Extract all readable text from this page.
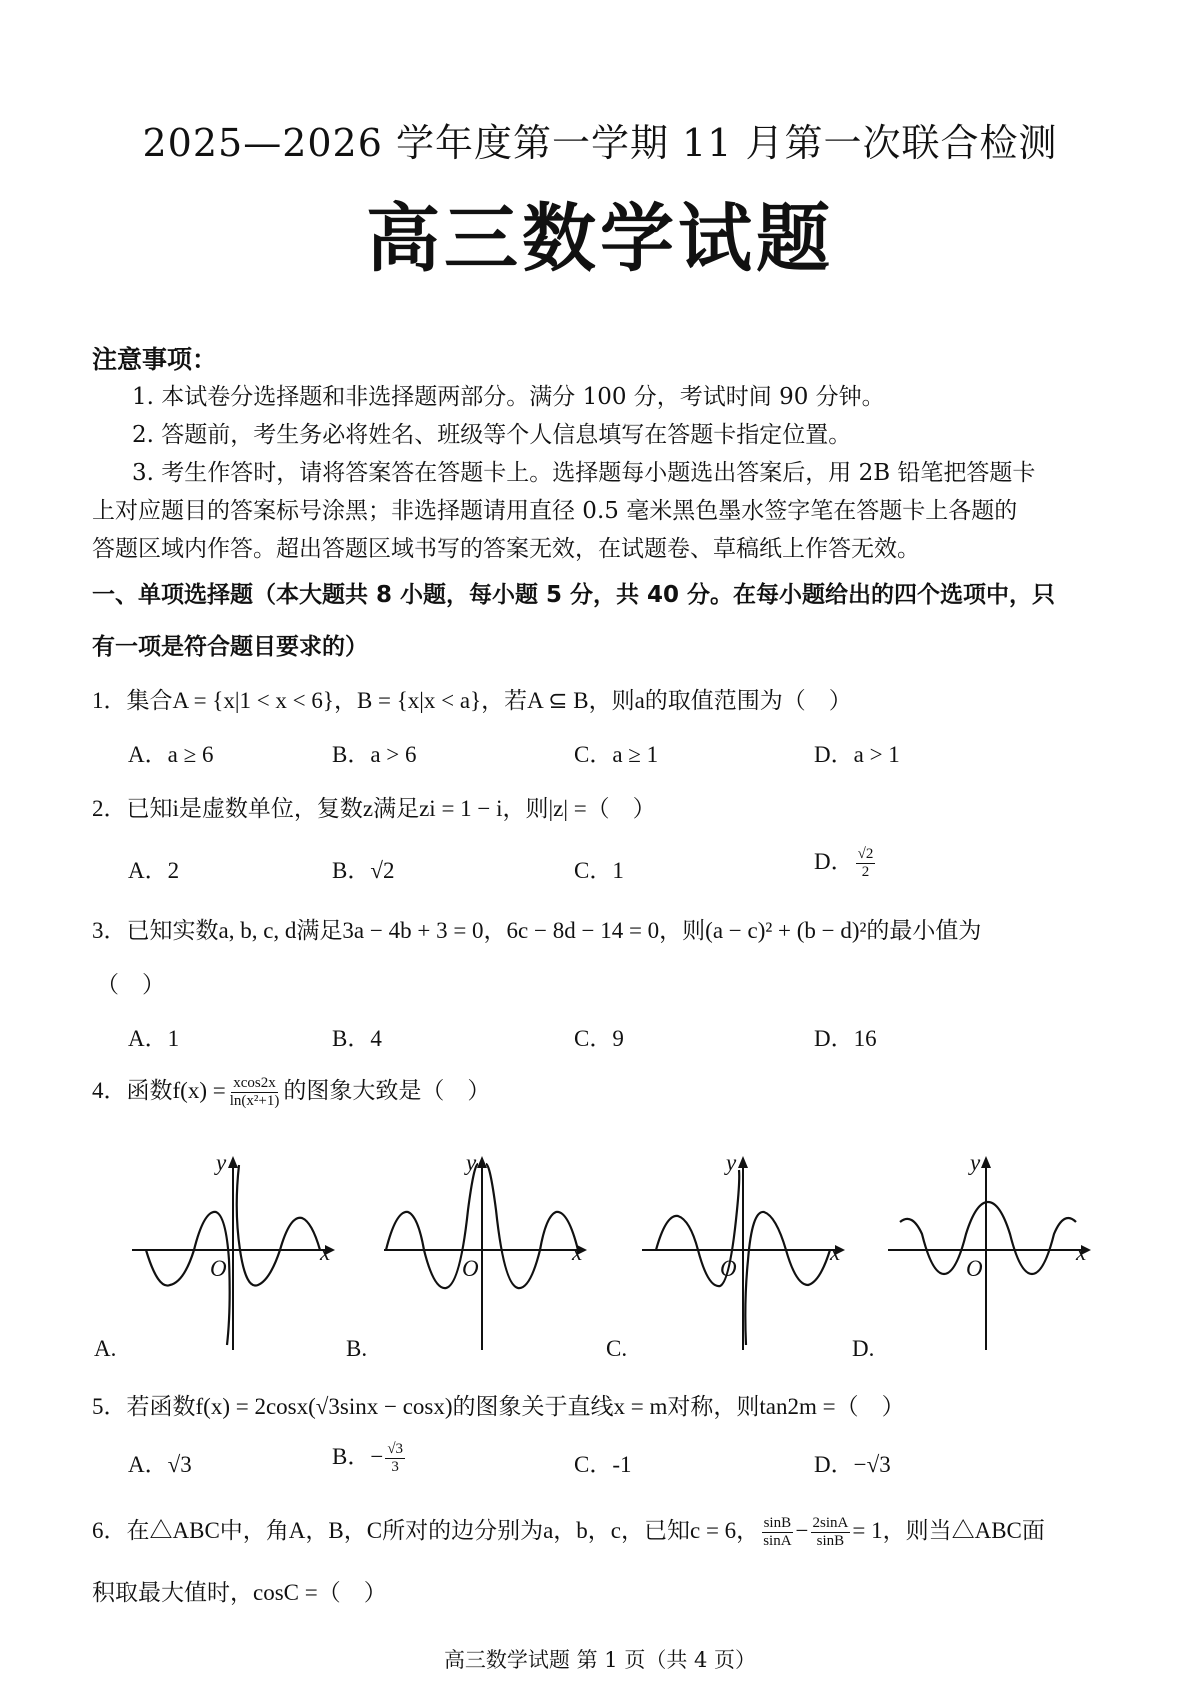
2025—2026 学年度第一学期 11 月第一次联合检测
高三数学试题
注意事项：
1. 本试卷分选择题和非选择题两部分。满分 100 分，考试时间 90 分钟。
2. 答题前，考生务必将姓名、班级等个人信息填写在答题卡指定位置。
3. 考生作答时，请将答案答在答题卡上。选择题每小题选出答案后，用 2B 铅笔把答题卡
上对应题目的答案标号涂黑；非选择题请用直径 0.5 毫米黑色墨水签字笔在答题卡上各题的
答题区域内作答。超出答题区域书写的答案无效，在试题卷、草稿纸上作答无效。
一、单项选择题（本大题共 8 小题，每小题 5 分，共 40 分。在每小题给出的四个选项中，只
有一项是符合题目要求的）
1．集合A = {x|1 < x < 6}，B = {x|x < a}，若A ⊆ B，则a的取值范围为（　）
A．a ≥ 6	B．a > 6	C．a ≥ 1	D．a > 1
2．已知i是虚数单位，复数z满足zi = 1 − i，则|z| =（　）
A．2	B．√2	C．1	D． $\frac{√2}{2}$
3．已知实数a, b, c, d满足3a − 4b + 3 = 0，6c − 8d − 14 = 0，则(a − c)² + (b − d)²的最小值为
（　）
A．1	B．4	C．9	D．16
4．函数$f(x) = \frac{xcos2x}{\text{ln(x²+1)}}$ 的图象大致是（　）
y
x
O
y
x
O
y
x
O
y
x
O
A.	B.	C.	D.
5．若函数f(x) = 2cosx(√3sinx − cosx)的图象关于直线x = m对称，则tan2m =（　）
A．√3	B．− $\frac{√3}{3}$	C．-1	D．−√3
6．在△ABC中，角A，B，C所对的边分别为a，b，c，已知c = 6， $\frac{\sin B}{\sin A} - \frac{2\sin A}{\sin B} = 1$，则当△ABC面
积取最大值时，cosC =（　）
高三数学试题 第 1 页（共 4 页）
